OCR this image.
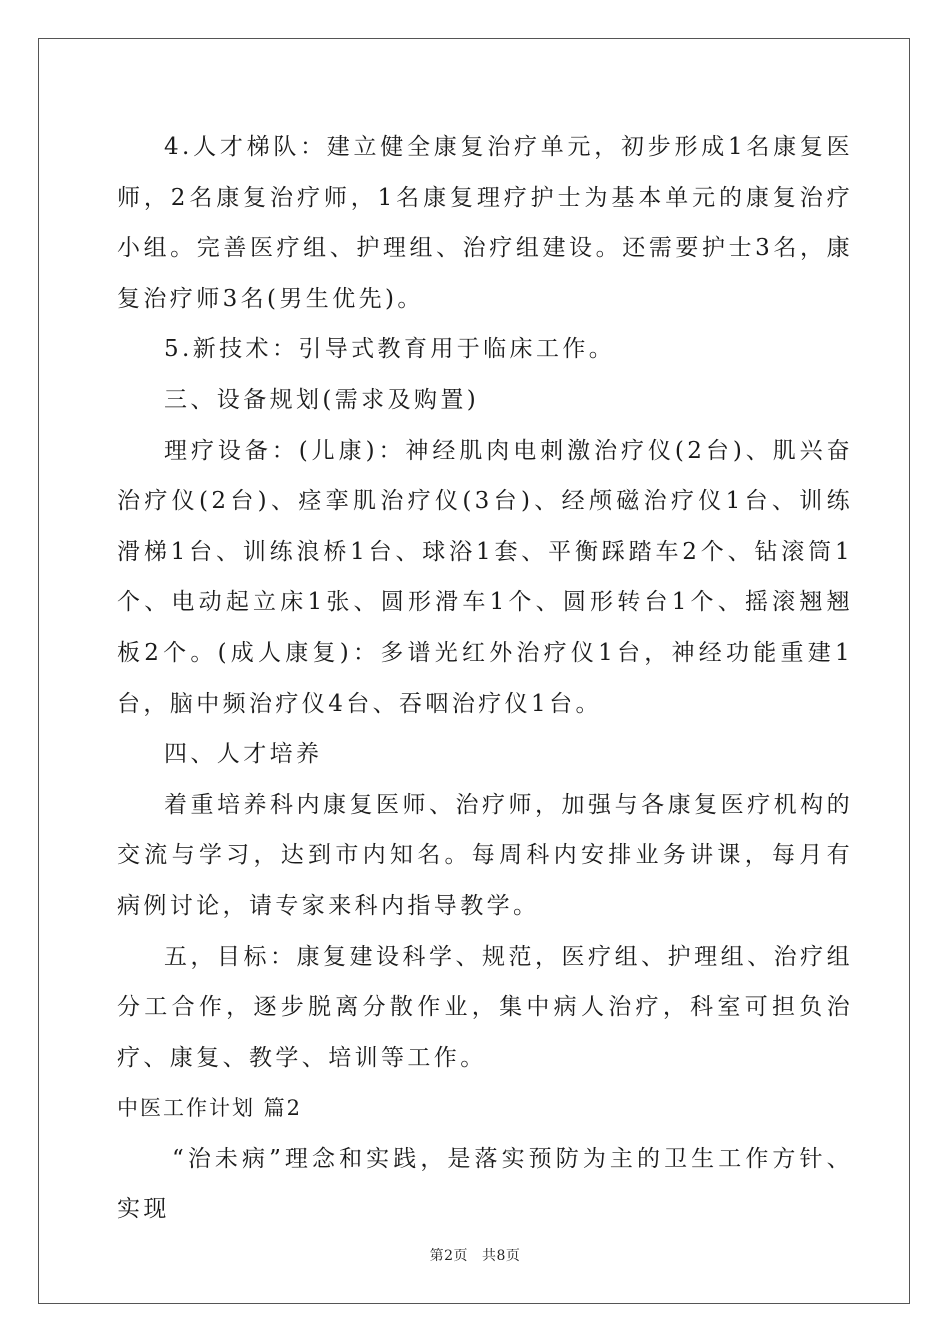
4.人才梯队：建立健全康复治疗单元，初步形成1名康复医师，2名康复治疗师，1名康复理疗护士为基本单元的康复治疗小组。完善医疗组、护理组、治疗组建设。还需要护士3名，康复治疗师3名(男生优先)。

5.新技术：引导式教育用于临床工作。

三、设备规划(需求及购置)

理疗设备：(儿康)：神经肌肉电刺激治疗仪(2台)、肌兴奋治疗仪(2台)、痉挛肌治疗仪(3台)、经颅磁治疗仪1台、训练滑梯1台、训练浪桥1台、球浴1套、平衡踩踏车2个、钻滚筒1个、电动起立床1张、圆形滑车1个、圆形转台1个、摇滚翘翘板2个。(成人康复)：多谱光红外治疗仪1台，神经功能重建1台，脑中频治疗仪4台、吞咽治疗仪1台。

四、人才培养

着重培养科内康复医师、治疗师，加强与各康复医疗机构的交流与学习，达到市内知名。每周科内安排业务讲课，每月有病例讨论，请专家来科内指导教学。

五，目标：康复建设科学、规范，医疗组、护理组、治疗组分工合作，逐步脱离分散作业，集中病人治疗，科室可担负治疗、康复、教学、培训等工作。

中医工作计划 篇2

“治未病”理念和实践，是落实预防为主的卫生工作方针、实现

第2页 共8页
